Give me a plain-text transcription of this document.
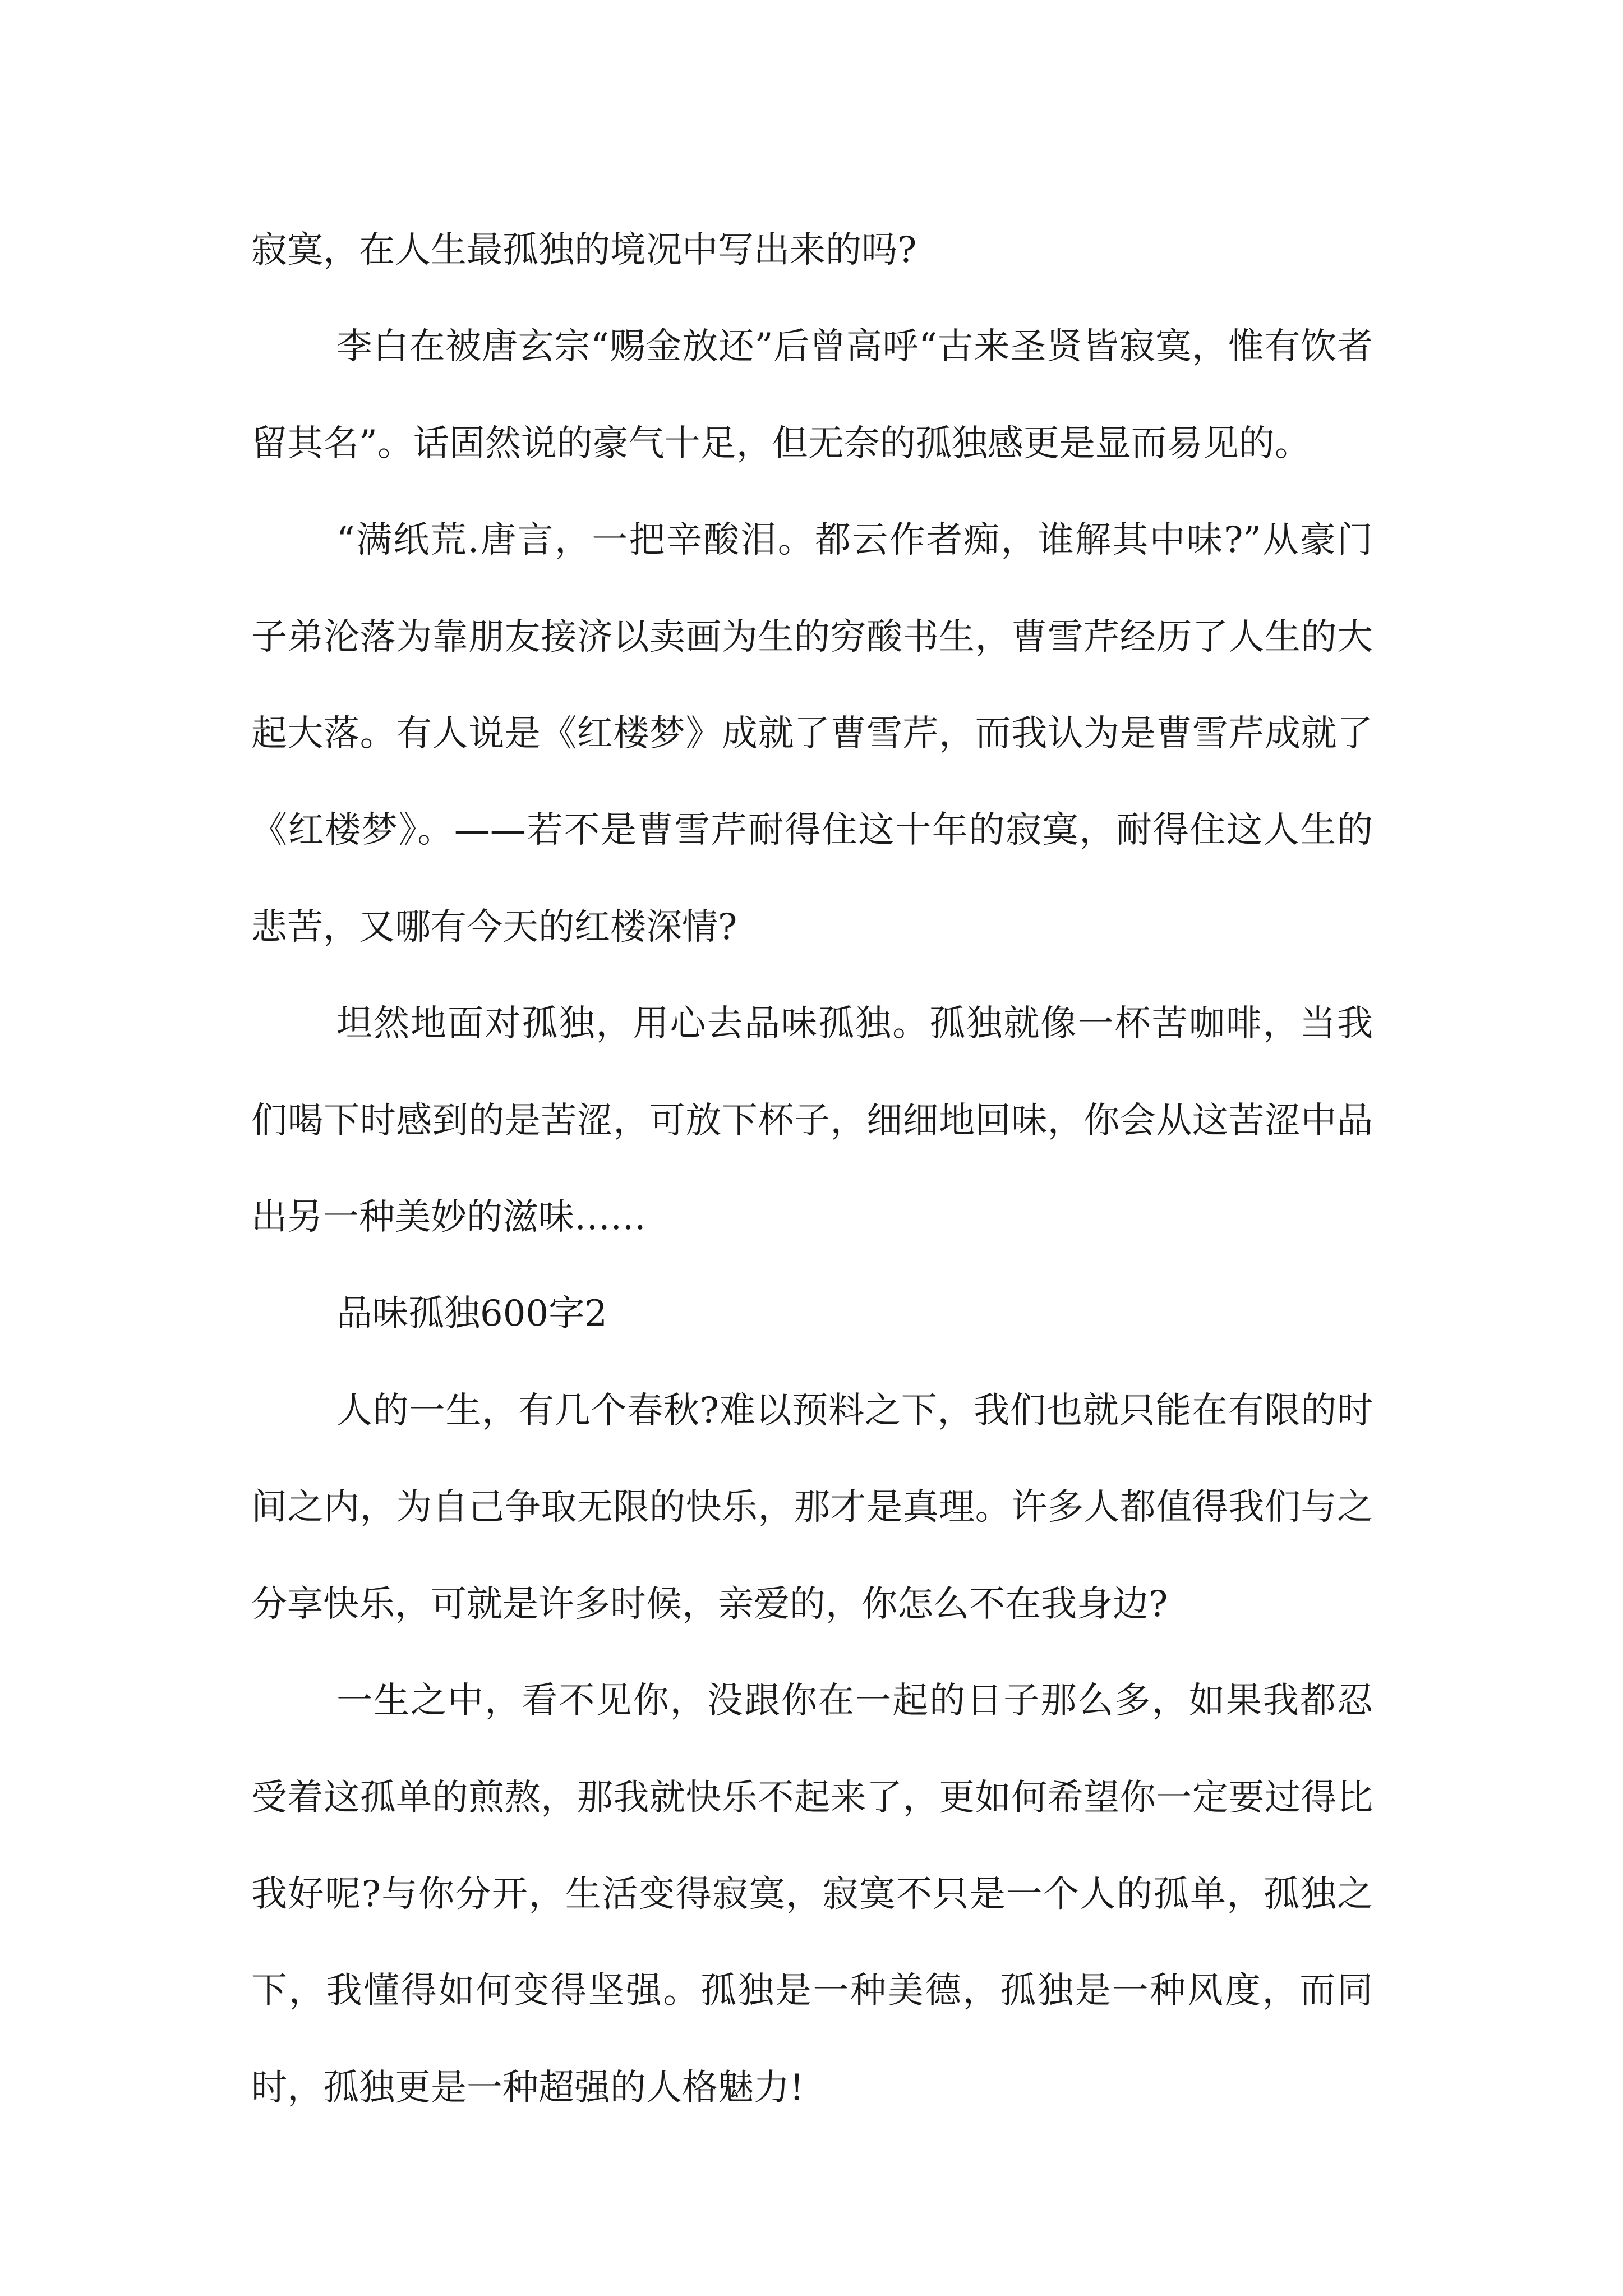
寂寞，在人生最孤独的境况中写出来的吗?

李白在被唐玄宗“赐金放还”后曾高呼“古来圣贤皆寂寞，惟有饮者留其名”。话固然说的豪气十足，但无奈的孤独感更是显而易见的。

“满纸荒.唐言，一把辛酸泪。都云作者痴，谁解其中味?”从豪门子弟沦落为靠朋友接济以卖画为生的穷酸书生，曹雪芹经历了人生的大起大落。有人说是《红楼梦》成就了曹雪芹，而我认为是曹雪芹成就了《红楼梦》。——若不是曹雪芹耐得住这十年的寂寞，耐得住这人生的悲苦，又哪有今天的红楼深情?

坦然地面对孤独，用心去品味孤独。孤独就像一杯苦咖啡，当我们喝下时感到的是苦涩，可放下杯子，细细地回味，你会从这苦涩中品出另一种美妙的滋味……

品味孤独600字2

人的一生，有几个春秋?难以预料之下，我们也就只能在有限的时间之内，为自己争取无限的快乐，那才是真理。许多人都值得我们与之分享快乐，可就是许多时候，亲爱的，你怎么不在我身边?

一生之中，看不见你，没跟你在一起的日子那么多，如果我都忍受着这孤单的煎熬，那我就快乐不起来了，更如何希望你一定要过得比我好呢?与你分开，生活变得寂寞，寂寞不只是一个人的孤单，孤独之下，我懂得如何变得坚强。孤独是一种美德，孤独是一种风度，而同时，孤独更是一种超强的人格魅力!
